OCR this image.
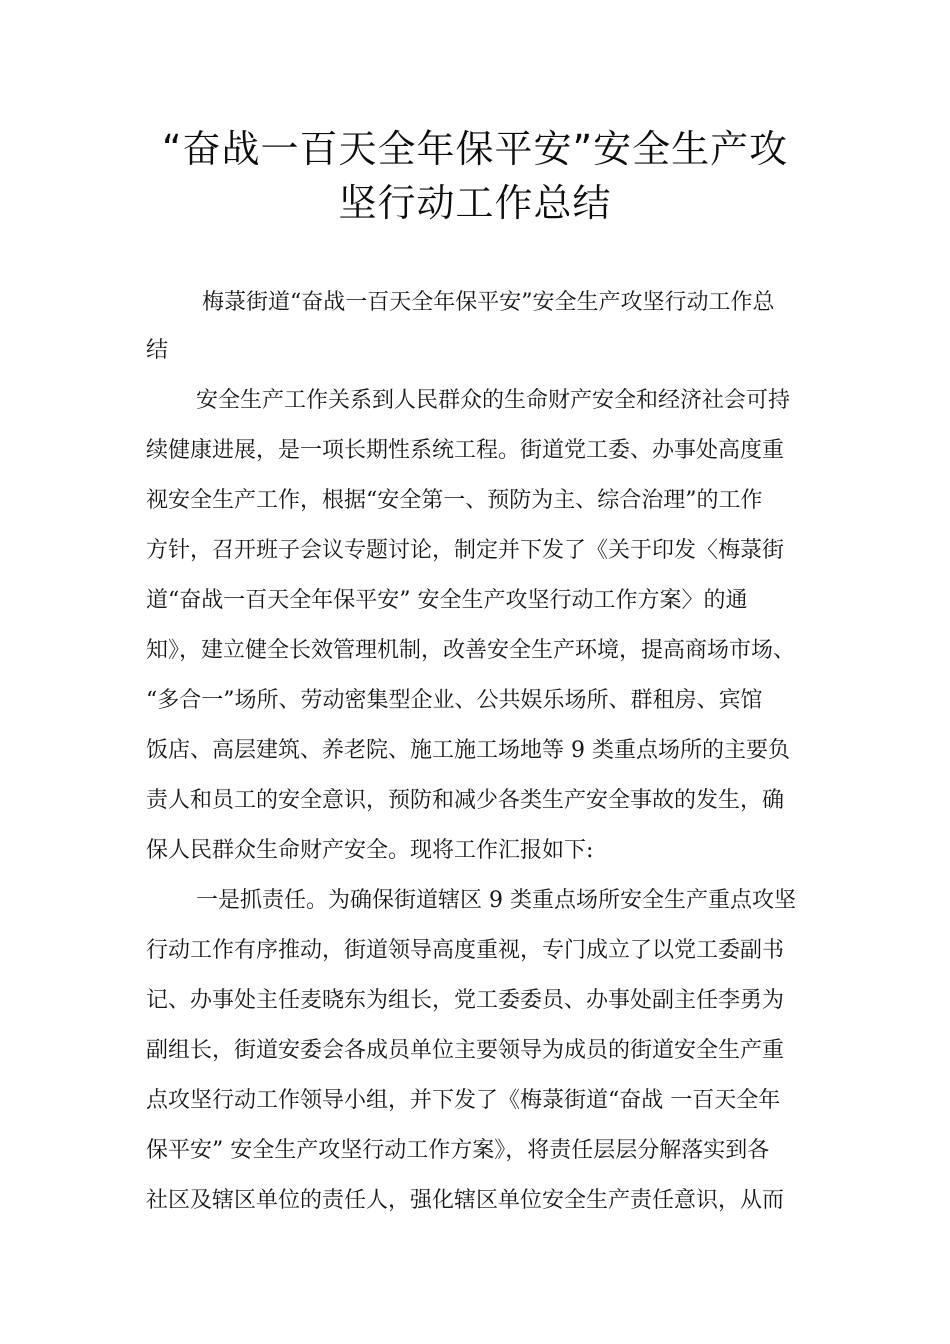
“奋战一百天全年保平安”安全生产攻
坚行动工作总结
梅菉街道“奋战一百天全年保平安”安全生产攻坚行动工作总
结
安全生产工作关系到人民群众的生命财产安全和经济社会可持
续健康进展，是一项长期性系统工程。街道党工委、办事处高度重
视安全生产工作，根据“安全第一、预防为主、综合治理”的工作
方针，召开班子会议专题讨论，制定并下发了《关于印发〈梅菉街
道“奋战一百天全年保平安” 安全生产攻坚行动工作方案〉的通
知》，建立健全长效管理机制，改善安全生产环境，提高商场市场、
“多合一”场所、劳动密集型企业、公共娱乐场所、群租房、宾馆
饭店、高层建筑、养老院、施工施工场地等 9 类重点场所的主要负
责人和员工的安全意识，预防和减少各类生产安全事故的发生，确
保人民群众生命财产安全。现将工作汇报如下:
一是抓责任。为确保街道辖区 9 类重点场所安全生产重点攻坚
行动工作有序推动，街道领导高度重视，专门成立了以党工委副书
记、办事处主任麦晓东为组长，党工委委员、办事处副主任李勇为
副组长，街道安委会各成员单位主要领导为成员的街道安全生产重
点攻坚行动工作领导小组，并下发了《梅菉街道“奋战 一百天全年
保平安” 安全生产攻坚行动工作方案》，将责任层层分解落实到各
社区及辖区单位的责任人，强化辖区单位安全生产责任意识，从而
